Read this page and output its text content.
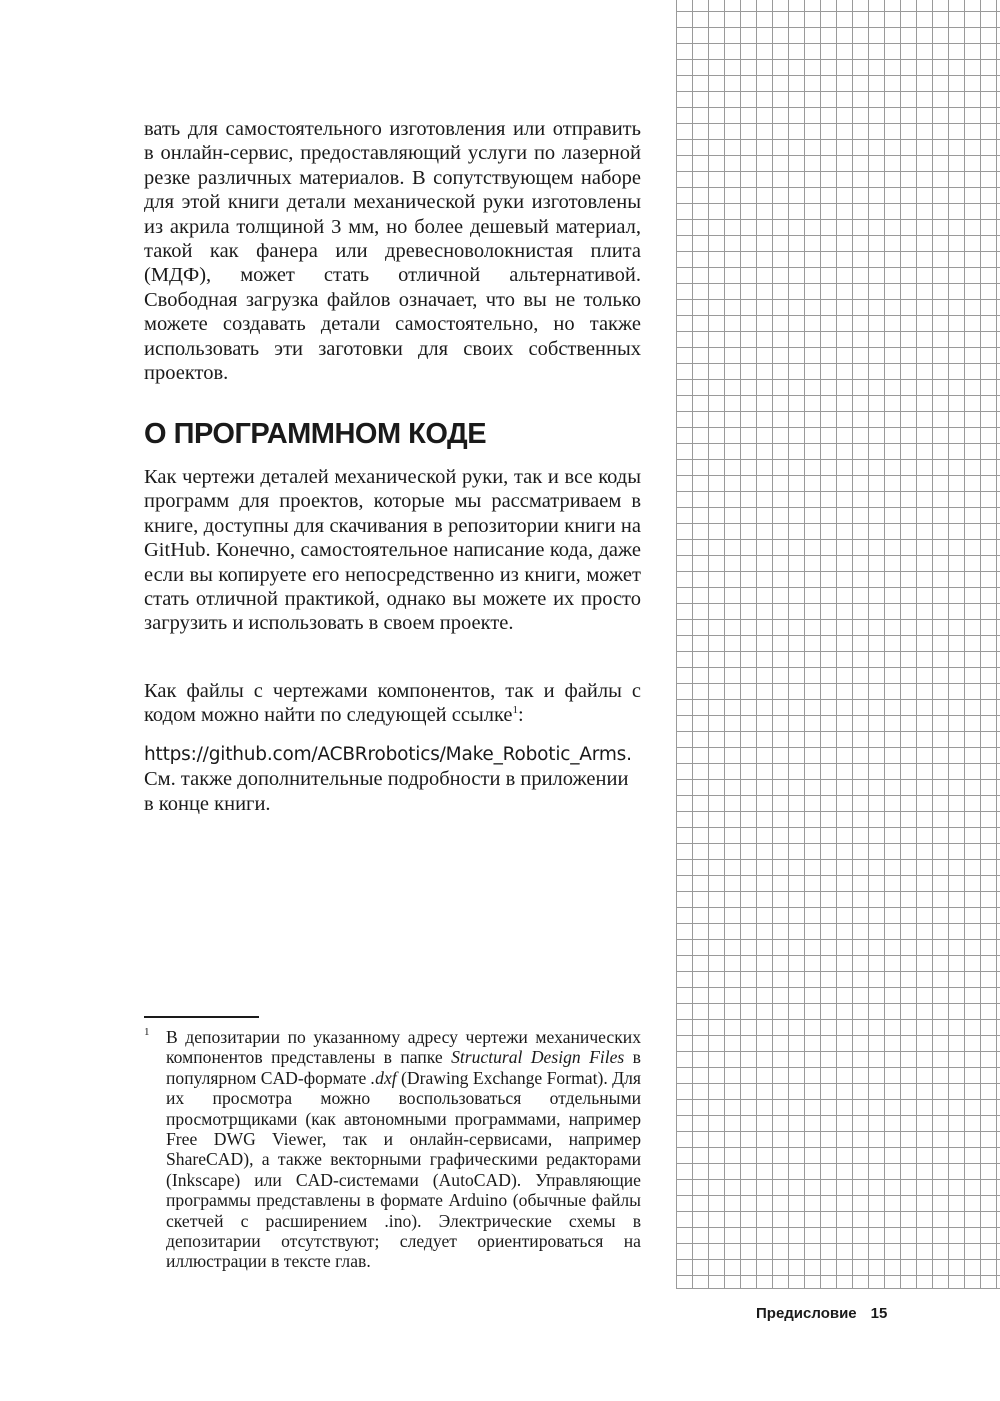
вать для самостоятельного изготовления или отправить в онлайн-сервис, предоставляющий услуги по лазерной резке различных материалов. В сопутствующем наборе для этой книги детали механической руки изготовлены из акрила толщиной 3 мм, но более дешевый материал, такой как фанера или древесноволокнистая плита (МДФ), может стать отличной альтернативой. Свободная загрузка файлов означает, что вы не только можете создавать детали самостоятельно, но также использовать эти заготовки для своих собственных проектов.

О ПРОГРАММНОМ КОДЕ

Как чертежи деталей механической руки, так и все коды программ для проектов, которые мы рассматриваем в книге, доступны для скачивания в репозитории книги на GitHub. Конечно, самостоятельное написание кода, даже если вы копируете его непосредственно из книги, может стать отличной практикой, однако вы можете их просто загрузить и использовать в своем проекте.

Как файлы с чертежами компонентов, так и файлы с кодом можно найти по следующей ссылке$^1$:

https://github.com/ACBRrobotics/Make_Robotic_Arms. См. также дополнительные подробности в приложении в конце книги.

1 В депозитарии по указанному адресу чертежи механических компонентов представлены в папке Structural Design Files в популярном CAD-формате .dxf (Drawing Exchange Format). Для их просмотра можно воспользоваться отдельными просмотрщиками (как автономными программами, например Free DWG Viewer, так и онлайн-сервисами, например ShareCAD), а также векторными графическими редакторами (Inkscape) или CAD-системами (AutoCAD). Управляющие программы представлены в формате Arduino (обычные файлы скетчей с расширением .ino). Электрические схемы в депозитарии отсутствуют; следует ориентироваться на иллюстрации в тексте глав.

Предисловие 15
